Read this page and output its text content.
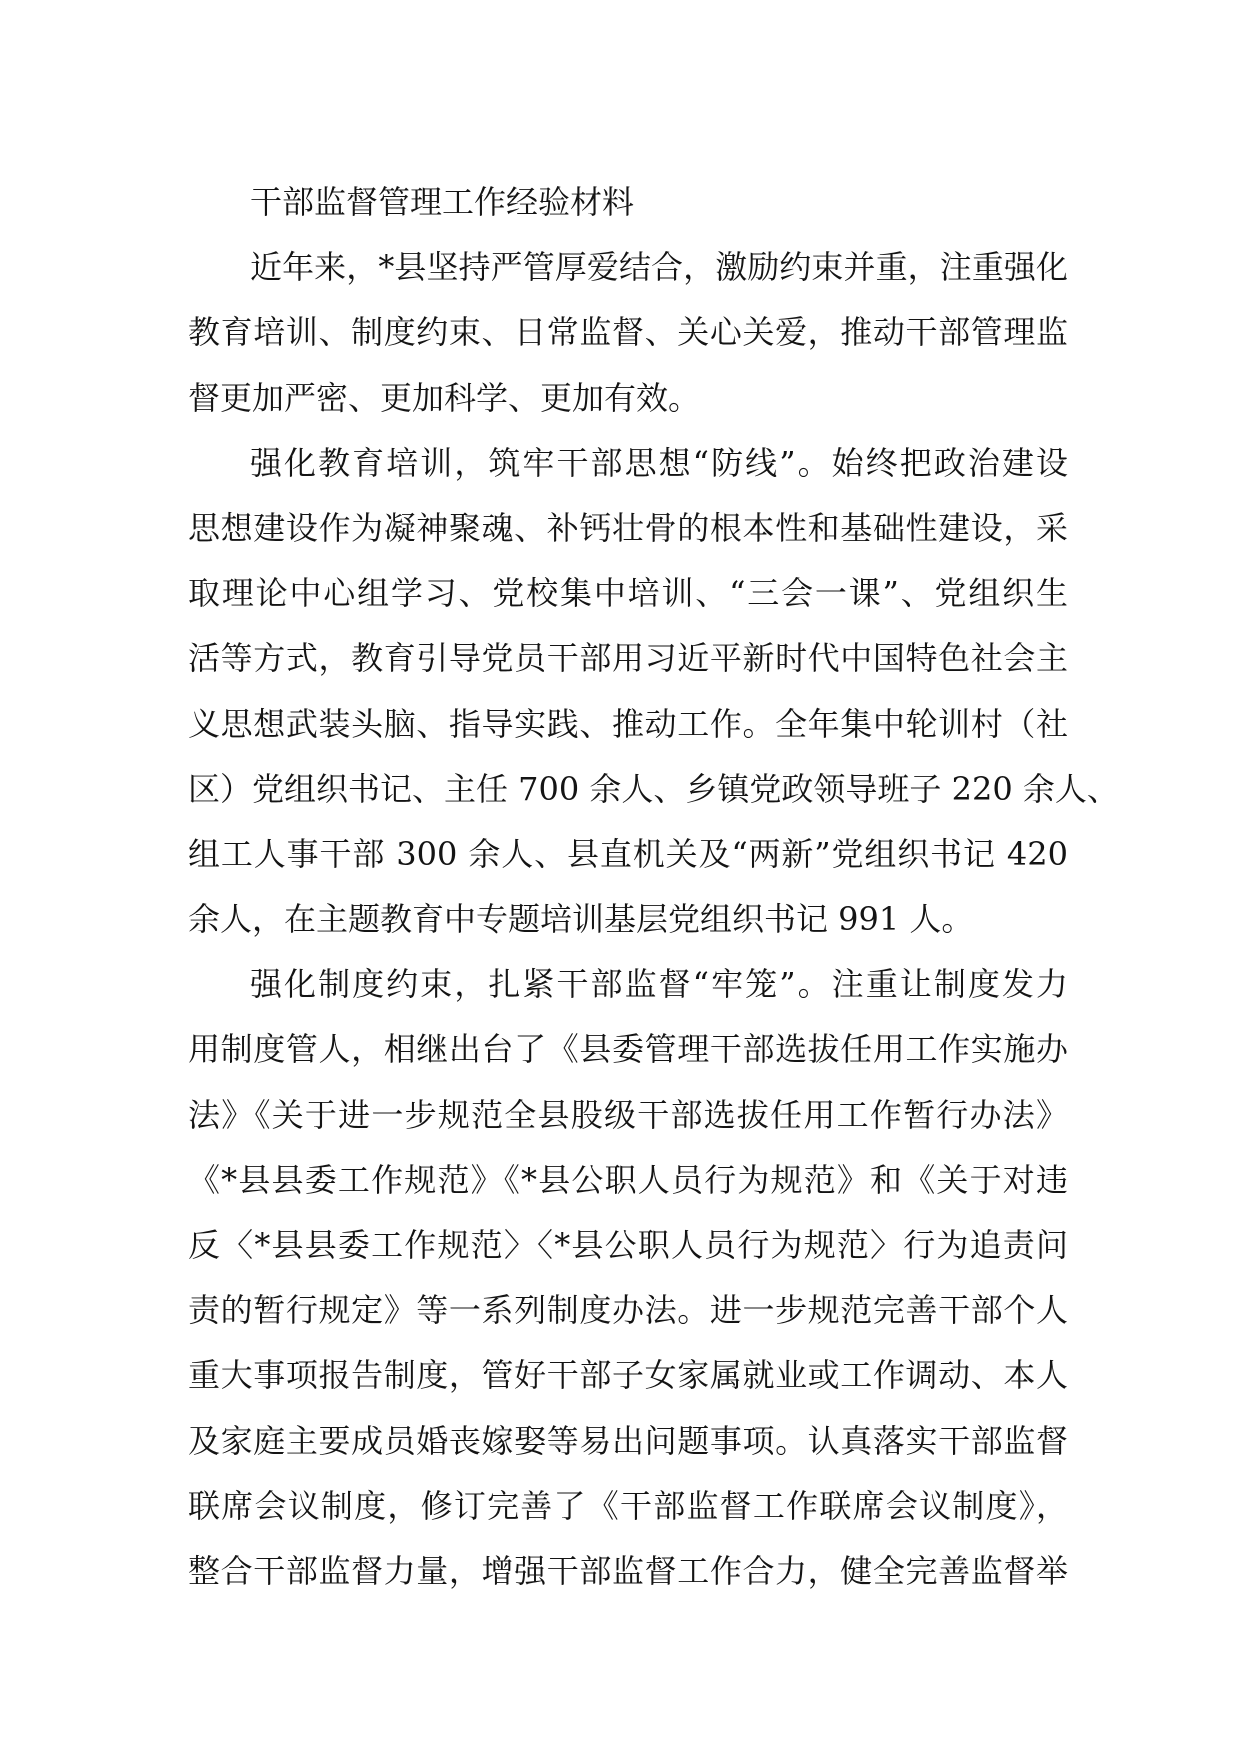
干部监督管理工作经验材料
近年来，*县坚持严管厚爱结合，激励约束并重，注重强化
教育培训、制度约束、日常监督、关心关爱，推动干部管理监
督更加严密、更加科学、更加有效。
强化教育培训，筑牢干部思想“防线”。始终把政治建设
思想建设作为凝神聚魂、补钙壮骨的根本性和基础性建设，采
取理论中心组学习、党校集中培训、“三会一课”、党组织生
活等方式，教育引导党员干部用习近平新时代中国特色社会主
义思想武装头脑、指导实践、推动工作。全年集中轮训村（社
区）党组织书记、主任 700 余人、乡镇党政领导班子 220 余人、
组工人事干部 300 余人、县直机关及“两新”党组织书记 420
余人，在主题教育中专题培训基层党组织书记 991 人。
强化制度约束，扎紧干部监督“牢笼”。注重让制度发力
用制度管人，相继出台了《县委管理干部选拔任用工作实施办
法》《关于进一步规范全县股级干部选拔任用工作暂行办法》
《*县县委工作规范》《*县公职人员行为规范》和《关于对违
反〈*县县委工作规范〉〈*县公职人员行为规范〉行为追责问
责的暂行规定》等一系列制度办法。进一步规范完善干部个人
重大事项报告制度，管好干部子女家属就业或工作调动、本人
及家庭主要成员婚丧嫁娶等易出问题事项。认真落实干部监督
联席会议制度，修订完善了《干部监督工作联席会议制度》，
整合干部监督力量，增强干部监督工作合力，健全完善监督举
